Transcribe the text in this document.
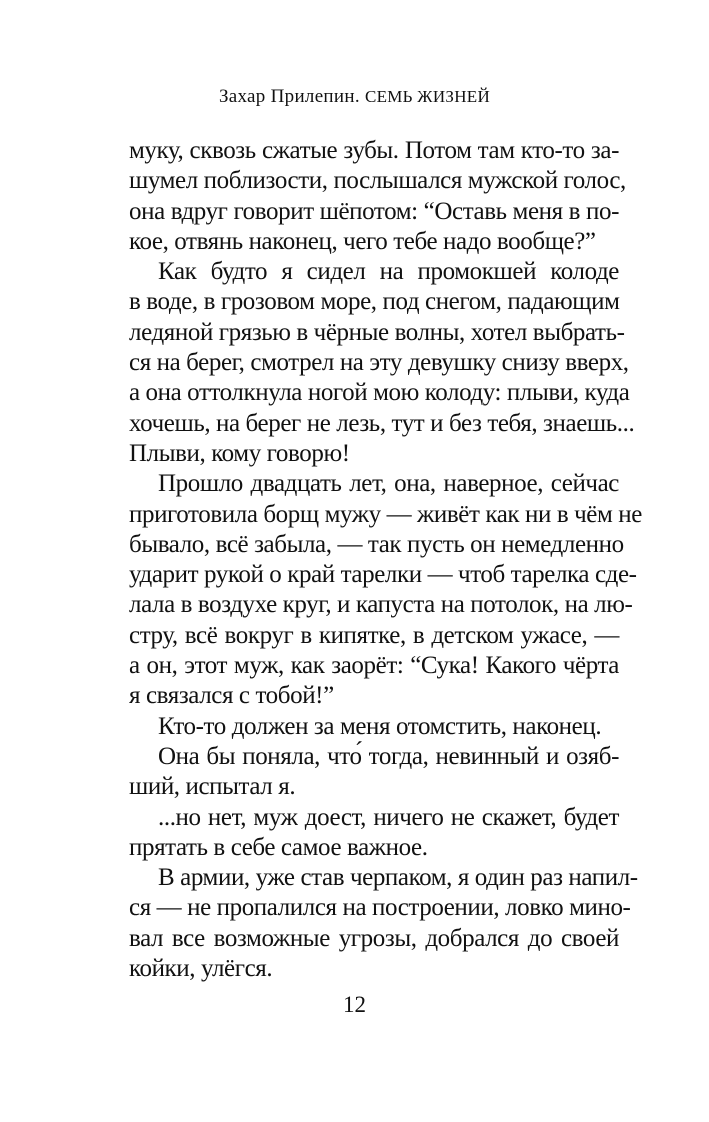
Захар Прилепин. СЕМЬ ЖИЗНЕЙ
муку, сквозь сжатые зубы. Потом там кто-то за-
шумел поблизости, послышался мужской голос,
она вдруг говорит шёпотом: “Оставь меня в по-
кое, отвянь наконец, чего тебе надо вообще?”
Как будто я сидел на промокшей колоде
в воде, в грозовом море, под снегом, падающим
ледяной грязью в чёрные волны, хотел выбрать-
ся на берег, смотрел на эту девушку снизу вверх,
а она оттолкнула ногой мою колоду: плыви, куда
хочешь, на берег не лезь, тут и без тебя, знаешь...
Плыви, кому говорю!
Прошло двадцать лет, она, наверное, сейчас
приготовила борщ мужу — живёт как ни в чём не
бывало, всё забыла, — так пусть он немедленно
ударит рукой о край тарелки — чтоб тарелка сде-
лала в воздухе круг, и капуста на потолок, на лю-
стру, всё вокруг в кипятке, в детском ужасе, —
а он, этот муж, как заорёт: “Сука! Какого чёрта
я связался с тобой!”
Кто-то должен за меня отомстить, наконец.
Она бы поняла, что́ тогда, невинный и озяб-
ший, испытал я.
...но нет, муж доест, ничего не скажет, будет
прятать в себе самое важное.
В армии, уже став черпаком, я один раз напил-
ся — не пропалился на построении, ловко мино-
вал все возможные угрозы, добрался до своей
койки, улёгся.
12
